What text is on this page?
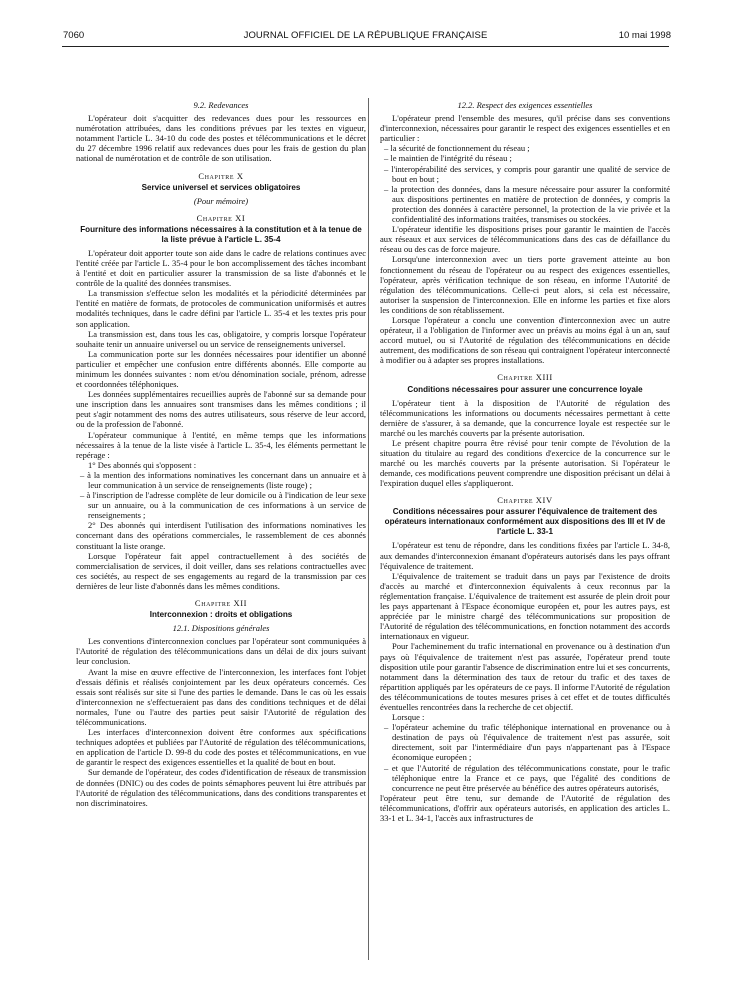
7060	JOURNAL OFFICIEL DE LA RÉPUBLIQUE FRANÇAISE	10 mai 1998
9.2. Redevances

L'opérateur doit s'acquitter des redevances dues pour les ressources en numérotation attribuées, dans les conditions prévues par les textes en vigueur, notamment l'article L. 34-10 du code des postes et télécommunications et le décret du 27 décembre 1996 relatif aux redevances dues pour les frais de gestion du plan national de numérotation et de contrôle de son utilisation.

Chapitre X
Service universel et services obligatoires
(Pour mémoire)
Chapitre XI
Fourniture des informations nécessaires à la constitution et à la tenue de la liste prévue à l'article L. 35-4

L'opérateur doit apporter toute son aide dans le cadre de relations continues avec l'entité créée par l'article L. 35-4 pour le bon accomplissement des tâches incombant à l'entité et doit en particulier assurer la transmission de sa liste d'abonnés et le contrôle de la qualité des données transmises.

La transmission s'effectue selon les modalités et la périodicité déterminées par l'entité en matière de formats, de protocoles de communication uniformisés et autres modalités techniques, dans le cadre défini par l'article L. 35-4 et les textes pris pour son application.

La transmission est, dans tous les cas, obligatoire, y compris lorsque l'opérateur souhaite tenir un annuaire universel ou un service de renseignements universel.

La communication porte sur les données nécessaires pour identifier un abonné particulier et empêcher une confusion entre différents abonnés. Elle comporte au minimum les données suivantes : nom et/ou dénomination sociale, prénom, adresse et coordonnées téléphoniques.

Les données supplémentaires recueillies auprès de l'abonné sur sa demande pour une inscription dans les annuaires sont transmises dans les mêmes conditions ; il peut s'agir notamment des noms des autres utilisateurs, sous réserve de leur accord, ou de la profession de l'abonné.

L'opérateur communique à l'entité, en même temps que les informations nécessaires à la tenue de la liste visée à l'article L. 35-4, les éléments permettant le repérage :

1° Des abonnés qui s'opposent :

– à la mention des informations nominatives les concernant dans un annuaire et à leur communication à un service de renseignements (liste rouge) ;

– à l'inscription de l'adresse complète de leur domicile ou à l'indication de leur sexe sur un annuaire, ou à la communication de ces informations à un service de renseignements ;

2° Des abonnés qui interdisent l'utilisation des informations nominatives les concernant dans des opérations commerciales, le rassemblement de ces abonnés constituant la liste orange.

Lorsque l'opérateur fait appel contractuellement à des sociétés de commercialisation de services, il doit veiller, dans ses relations contractuelles avec ces sociétés, au respect de ses engagements au regard de la transmission par ces dernières de leur liste d'abonnés dans les mêmes conditions.

Chapitre XII
Interconnexion : droits et obligations
12.1. Dispositions générales

Les conventions d'interconnexion conclues par l'opérateur sont communiquées à l'Autorité de régulation des télécommunications dans un délai de dix jours suivant leur conclusion.

Avant la mise en œuvre effective de l'interconnexion, les interfaces font l'objet d'essais définis et réalisés conjointement par les deux opérateurs concernés. Ces essais sont réalisés sur site si l'une des parties le demande. Dans le cas où les essais d'interconnexion ne s'effectueraient pas dans des conditions techniques et de délai normales, l'une ou l'autre des parties peut saisir l'Autorité de régulation des télécommunications.

Les interfaces d'interconnexion doivent être conformes aux spécifications techniques adoptées et publiées par l'Autorité de régulation des télécommunications, en application de l'article D. 99-8 du code des postes et télécommunications, en vue de garantir le respect des exigences essentielles et la qualité de bout en bout.

Sur demande de l'opérateur, des codes d'identification de réseaux de transmission de données (DNIC) ou des codes de points sémaphores peuvent lui être attribués par l'Autorité de régulation des télécommunications, dans des conditions transparentes et non discriminatoires.

12.2. Respect des exigences essentielles

L'opérateur prend l'ensemble des mesures, qu'il précise dans ses conventions d'interconnexion, nécessaires pour garantir le respect des exigences essentielles et en particulier :

– la sécurité de fonctionnement du réseau ;

– le maintien de l'intégrité du réseau ;

– l'interopérabilité des services, y compris pour garantir une qualité de service de bout en bout ;

– la protection des données, dans la mesure nécessaire pour assurer la conformité aux dispositions pertinentes en matière de protection de données, y compris la protection des données à caractère personnel, la protection de la vie privée et la confidentialité des informations traitées, transmises ou stockées.

L'opérateur identifie les dispositions prises pour garantir le maintien de l'accès aux réseaux et aux services de télécommunications dans des cas de défaillance du réseau ou des cas de force majeure.

Lorsqu'une interconnexion avec un tiers porte gravement atteinte au bon fonctionnement du réseau de l'opérateur ou au respect des exigences essentielles, l'opérateur, après vérification technique de son réseau, en informe l'Autorité de régulation des télécommunications. Celle-ci peut alors, si cela est nécessaire, autoriser la suspension de l'interconnexion. Elle en informe les parties et fixe alors les conditions de son rétablissement.

Lorsque l'opérateur a conclu une convention d'interconnexion avec un autre opérateur, il a l'obligation de l'informer avec un préavis au moins égal à un an, sauf accord mutuel, ou si l'Autorité de régulation des télécommunications en décide autrement, des modifications de son réseau qui contraignent l'opérateur interconnecté à modifier ou à adapter ses propres installations.

Chapitre XIII
Conditions nécessaires pour assurer une concurrence loyale

L'opérateur tient à la disposition de l'Autorité de régulation des télécommunications les informations ou documents nécessaires permettant à cette dernière de s'assurer, à sa demande, que la concurrence loyale est respectée sur le marché ou les marchés couverts par la présente autorisation.

Le présent chapitre pourra être révisé pour tenir compte de l'évolution de la situation du titulaire au regard des conditions d'exercice de la concurrence sur le marché ou les marchés couverts par la présente autorisation. Si l'opérateur le demande, ces modifications peuvent comprendre une disposition précisant un délai à l'expiration duquel elles s'appliqueront.

Chapitre XIV
Conditions nécessaires pour assurer l'équivalence de traitement des opérateurs internationaux conformément aux dispositions des III et IV de l'article L. 33-1

L'opérateur est tenu de répondre, dans les conditions fixées par l'article L. 34-8, aux demandes d'interconnexion émanant d'opérateurs autorisés dans les pays offrant l'équivalence de traitement.

L'équivalence de traitement se traduit dans un pays par l'existence de droits d'accès au marché et d'interconnexion équivalents à ceux reconnus par la réglementation française. L'équivalence de traitement est assurée de plein droit pour les pays appartenant à l'Espace économique européen et, pour les autres pays, est appréciée par le ministre chargé des télécommunications sur proposition de l'Autorité de régulation des télécommunications, en fonction notamment des accords internationaux en vigueur.

Pour l'acheminement du trafic international en provenance ou à destination d'un pays où l'équivalence de traitement n'est pas assurée, l'opérateur prend toute disposition utile pour garantir l'absence de discrimination entre lui et ses concurrents, notamment dans la détermination des taux de retour du trafic et des taxes de répartition appliqués par les opérateurs de ce pays. Il informe l'Autorité de régulation des télécommunications de toutes mesures prises à cet effet et de toutes difficultés éventuelles rencontrées dans la recherche de cet objectif.

Lorsque :

– l'opérateur achemine du trafic téléphonique international en provenance ou à destination de pays où l'équivalence de traitement n'est pas assurée, soit directement, soit par l'intermédiaire d'un pays n'appartenant pas à l'Espace économique européen ;

– et que l'Autorité de régulation des télécommunications constate, pour le trafic téléphonique entre la France et ce pays, que l'égalité des conditions de concurrence ne peut être préservée au bénéfice des autres opérateurs autorisés,

l'opérateur peut être tenu, sur demande de l'Autorité de régulation des télécommunications, d'offrir aux opérateurs autorisés, en application des articles L. 33-1 et L. 34-1, l'accès aux infrastructures de
